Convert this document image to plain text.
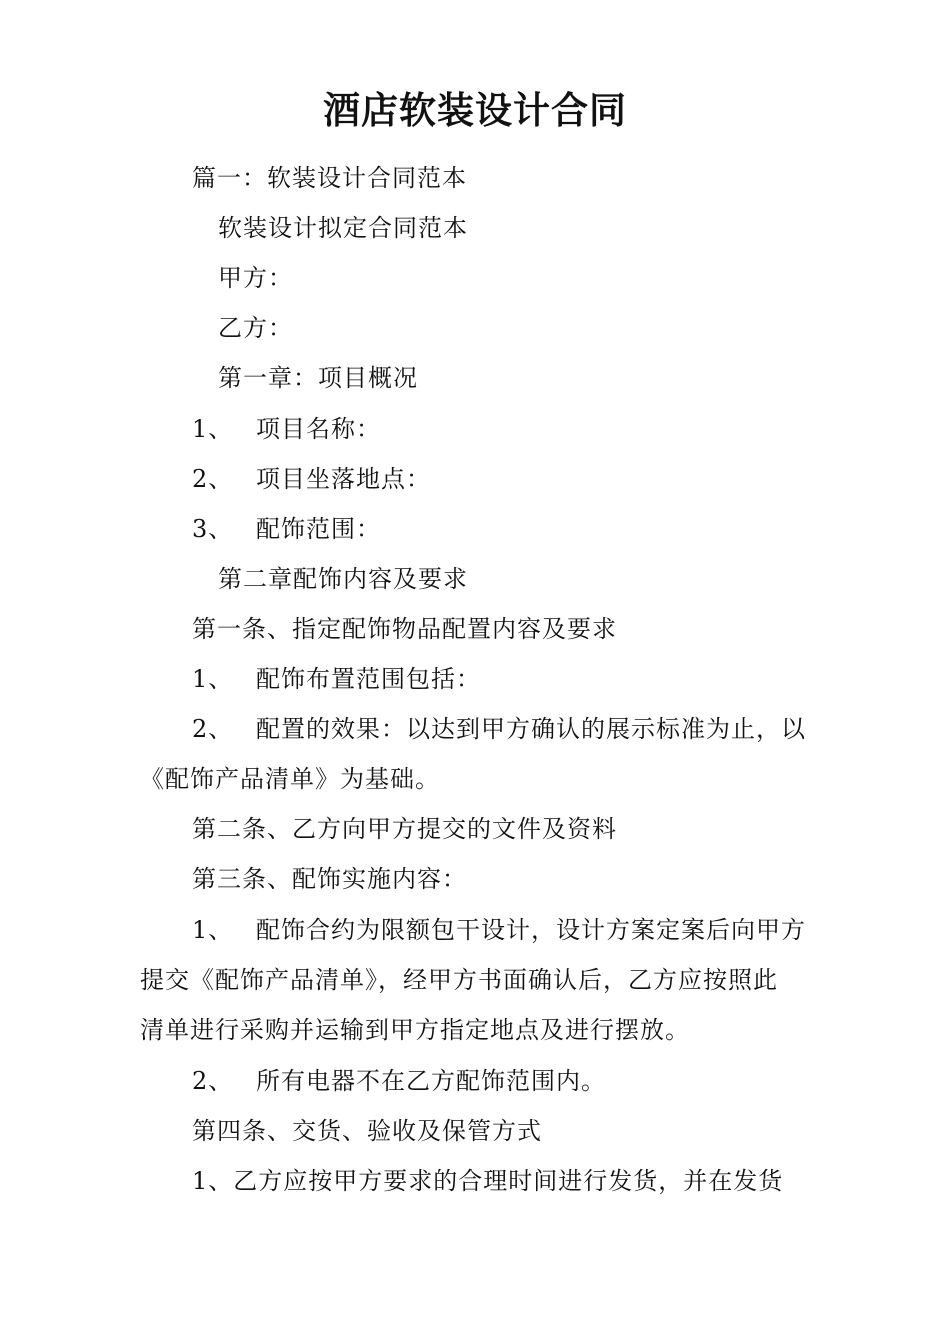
酒店软装设计合同
篇一：软装设计合同范本
软装设计拟定合同范本
甲方：
乙方：
第一章：项目概况
1、 项目名称：
2、 项目坐落地点：
3、 配饰范围：
第二章配饰内容及要求
第一条、指定配饰物品配置内容及要求
1、 配饰布置范围包括：
2、 配置的效果：以达到甲方确认的展示标准为止，以
《配饰产品清单》为基础。
第二条、乙方向甲方提交的文件及资料
第三条、配饰实施内容：
1、 配饰合约为限额包干设计，设计方案定案后向甲方
提交《配饰产品清单》，经甲方书面确认后，乙方应按照此
清单进行采购并运输到甲方指定地点及进行摆放。
2、 所有电器不在乙方配饰范围内。
第四条、交货、验收及保管方式
1、乙方应按甲方要求的合理时间进行发货，并在发货
